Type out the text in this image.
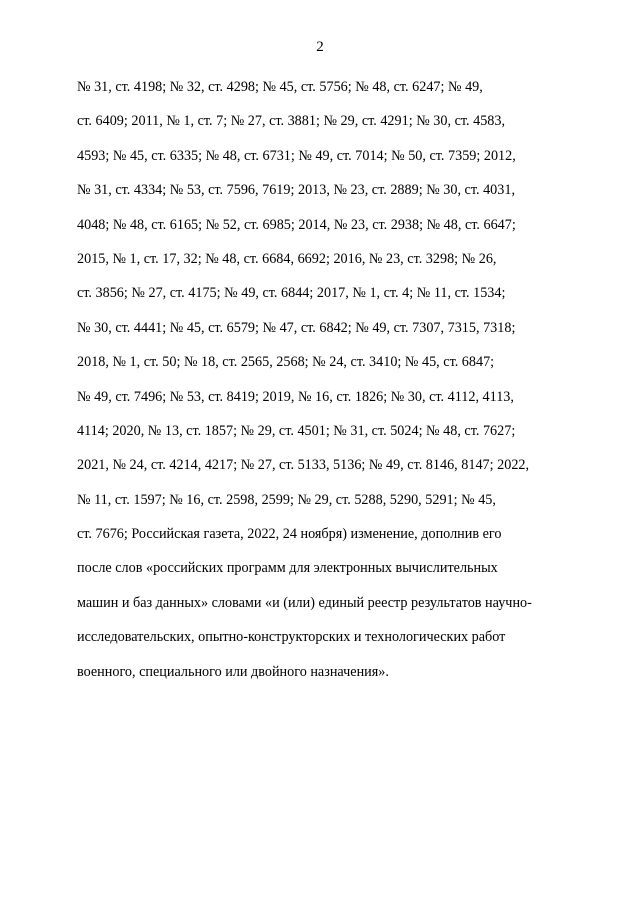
2
№ 31, ст. 4198; № 32, ст. 4298; № 45, ст. 5756; № 48, ст. 6247; № 49,
ст. 6409; 2011, № 1, ст. 7; № 27, ст. 3881; № 29, ст. 4291; № 30, ст. 4583,
4593; № 45, ст. 6335; № 48, ст. 6731; № 49, ст. 7014; № 50, ст. 7359; 2012,
№ 31, ст. 4334; № 53, ст. 7596, 7619; 2013, № 23, ст. 2889; № 30, ст. 4031,
4048; № 48, ст. 6165; № 52, ст. 6985; 2014, № 23, ст. 2938; № 48, ст. 6647;
2015, № 1, ст. 17, 32; № 48, ст. 6684, 6692; 2016, № 23, ст. 3298; № 26,
ст. 3856; № 27, ст. 4175; № 49, ст. 6844; 2017, № 1, ст. 4; № 11, ст. 1534;
№ 30, ст. 4441; № 45, ст. 6579; № 47, ст. 6842; № 49, ст. 7307, 7315, 7318;
2018, № 1, ст. 50; № 18, ст. 2565, 2568; № 24, ст. 3410; № 45, ст. 6847;
№ 49, ст. 7496; № 53, ст. 8419; 2019, № 16, ст. 1826; № 30, ст. 4112, 4113,
4114; 2020, № 13, ст. 1857; № 29, ст. 4501; № 31, ст. 5024; № 48, ст. 7627;
2021, № 24, ст. 4214, 4217; № 27, ст. 5133, 5136; № 49, ст. 8146, 8147; 2022,
№ 11, ст. 1597; № 16, ст. 2598, 2599; № 29, ст. 5288, 5290, 5291; № 45,
ст. 7676; Российская газета, 2022, 24 ноября) изменение, дополнив его
после слов «российских программ для электронных вычислительных
машин и баз данных» словами «и (или) единый реестр результатов научно-
исследовательских, опытно-конструкторских и технологических работ
военного, специального или двойного назначения».
